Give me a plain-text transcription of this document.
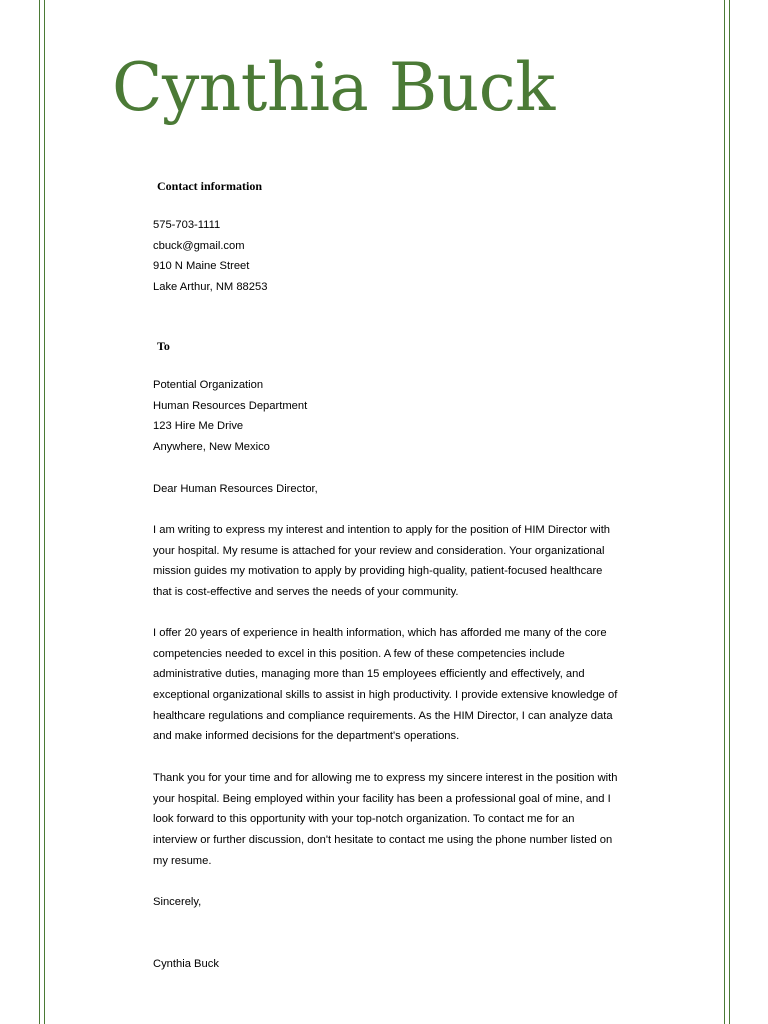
Cynthia Buck
Contact information
575-703-1111
cbuck@gmail.com
910 N Maine Street
Lake Arthur, NM 88253
To
Potential Organization
Human Resources Department
123 Hire Me Drive
Anywhere, New Mexico
Dear Human Resources Director,
I am writing to express my interest and intention to apply for the position of HIM Director with
your hospital. My resume is attached for your review and consideration. Your organizational
mission guides my motivation to apply by providing high-quality, patient-focused healthcare
that is cost-effective and serves the needs of your community.
I offer 20 years of experience in health information, which has afforded me many of the core
competencies needed to excel in this position. A few of these competencies include
administrative duties, managing more than 15 employees efficiently and effectively, and
exceptional organizational skills to assist in high productivity. I provide extensive knowledge of
healthcare regulations and compliance requirements. As the HIM Director, I can analyze data
and make informed decisions for the department's operations.
Thank you for your time and for allowing me to express my sincere interest in the position with
your hospital. Being employed within your facility has been a professional goal of mine, and I
look forward to this opportunity with your top-notch organization. To contact me for an
interview or further discussion, don't hesitate to contact me using the phone number listed on
my resume.
Sincerely,
Cynthia Buck
